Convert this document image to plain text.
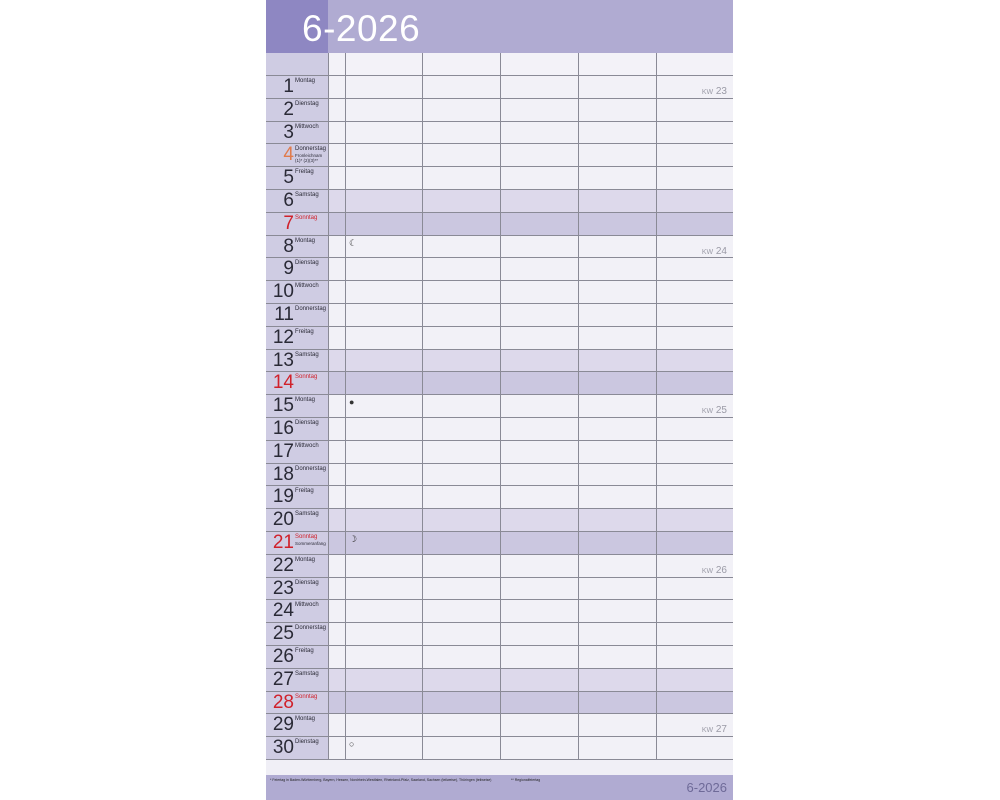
6-2026
1 Montag
KW 23
2 Dienstag
3 Mittwoch
4 Donnerstag
Fronleichnam
(1)* (2)(3)**
5 Freitag
6 Samstag
7 Sonntag
8 Montag	☾
KW 24
9 Dienstag
10 Mittwoch
11 Donnerstag
12 Freitag
13 Samstag
14 Sonntag
15 Montag	●
KW 25
16 Dienstag
17 Mittwoch
18 Donnerstag
19 Freitag
20 Samstag
21 Sonntag
Sommeranfang	☽
22 Montag
KW 26
23 Dienstag
24 Mittwoch
25 Donnerstag
26 Freitag
27 Samstag
28 Sonntag
29 Montag
KW 27
30 Dienstag	○
* Feiertag in Baden-Württemberg, Bayern, Hessen, Nordrhein-Westfalen, Rheinland-Pfalz, Saarland, Sachsen (teilweise), Thüringen (teilweise)	** Regionalfeiertag	6-2026
